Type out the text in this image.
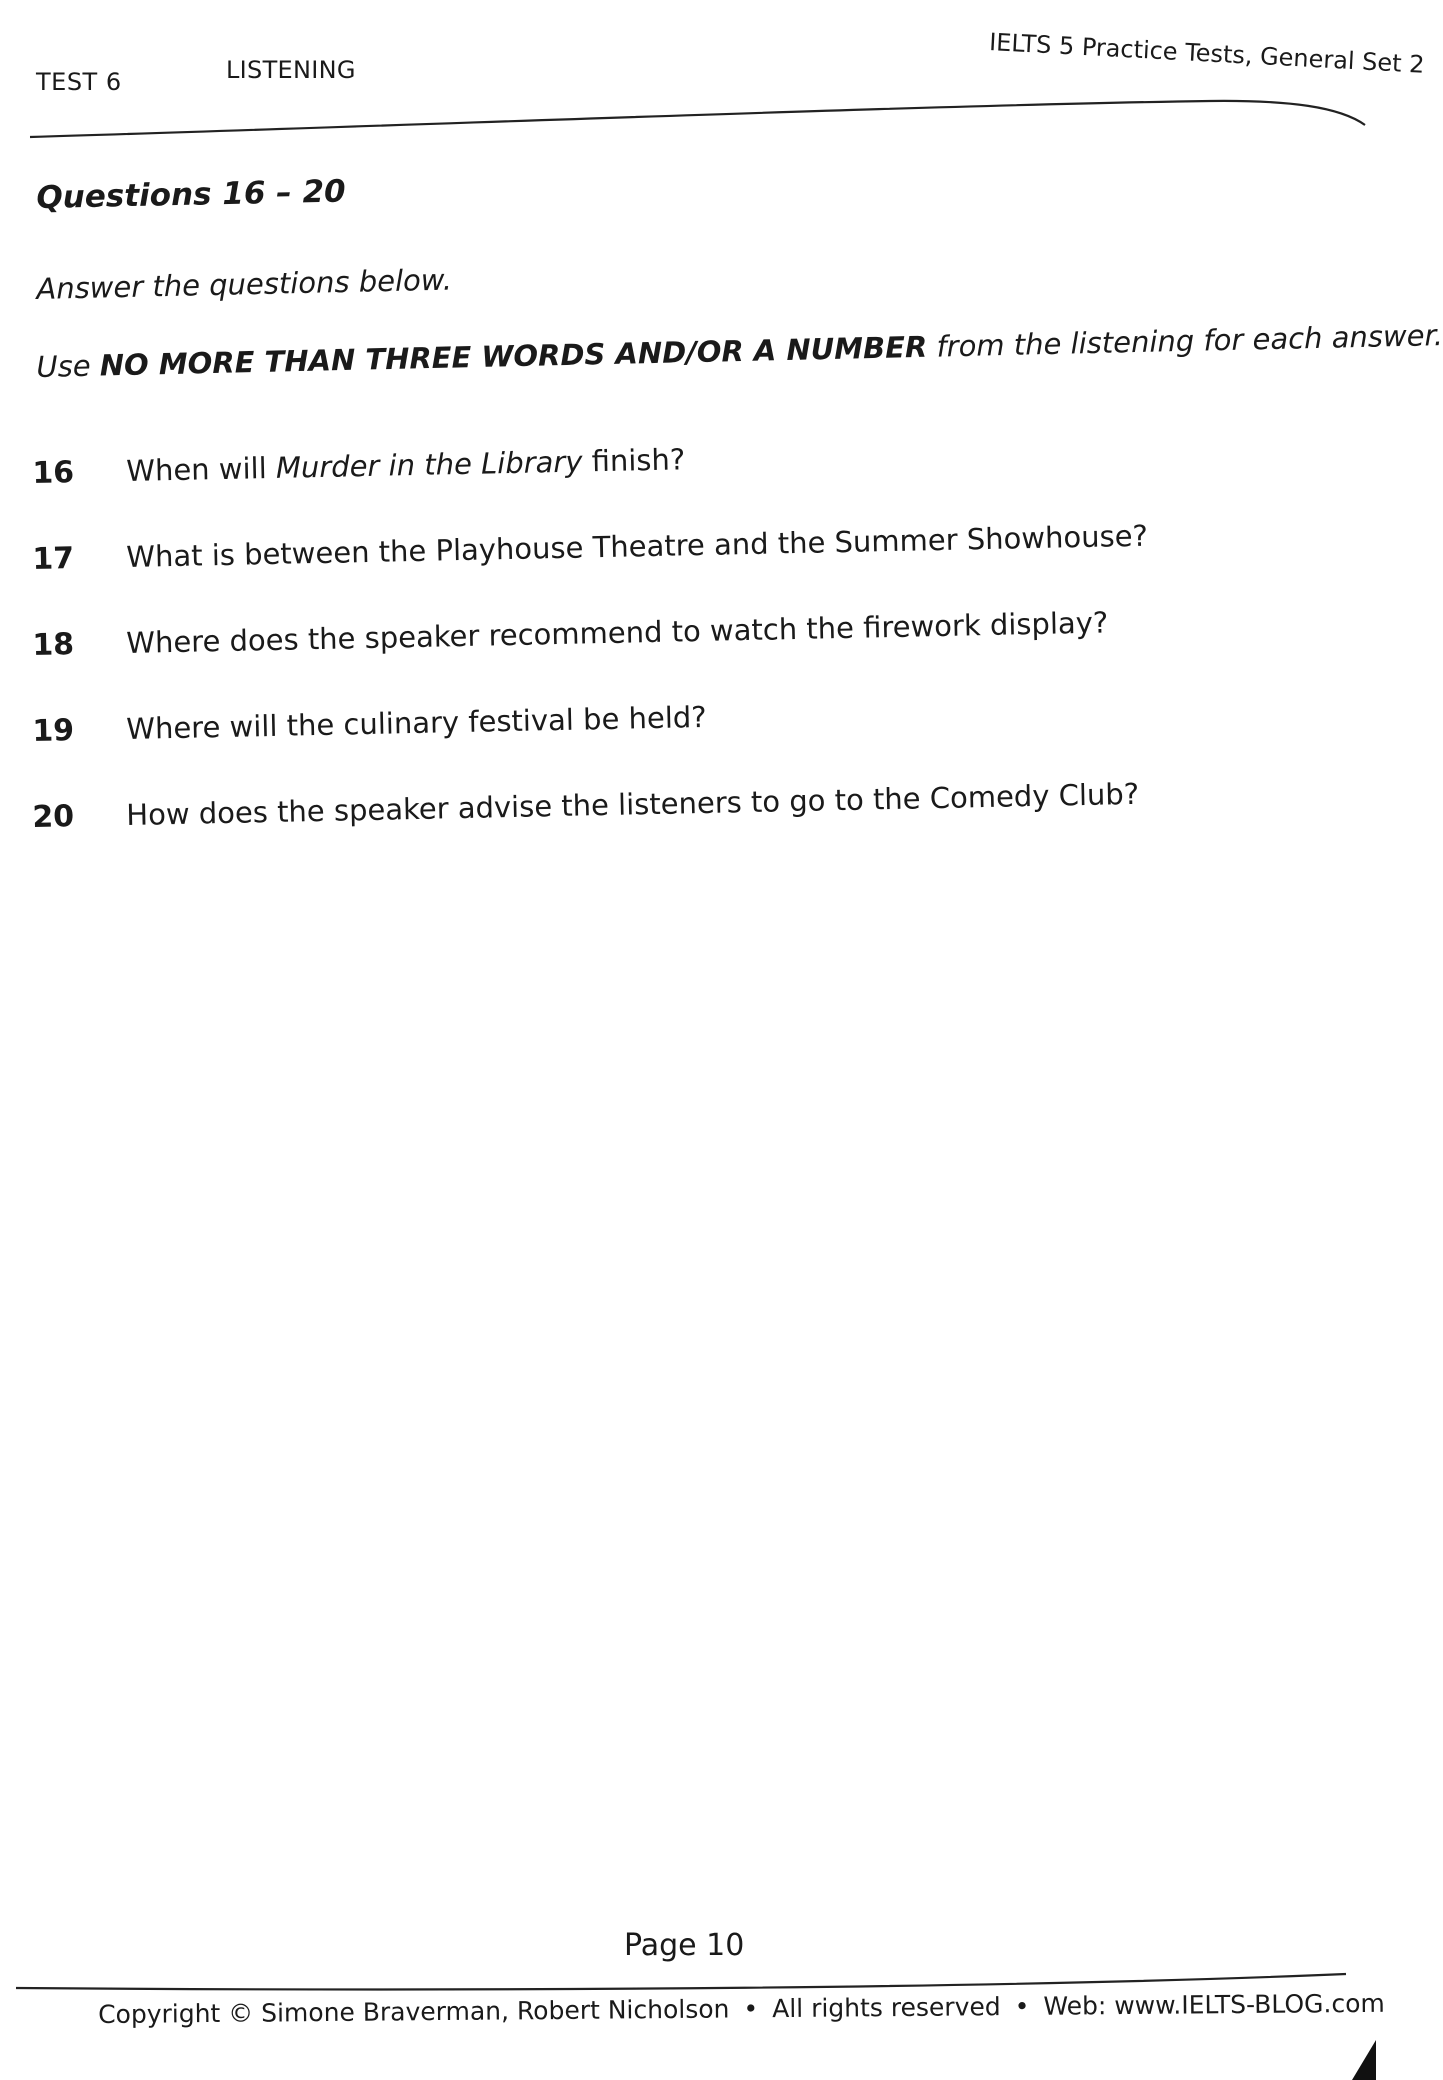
TEST 6	LISTENING	IELTS 5 Practice Tests, General Set 2
Questions 16 – 20
Answer the questions below.
Use NO MORE THAN THREE WORDS AND/OR A NUMBER from the listening for each answer.
16 When will Murder in the Library finish?
17 What is between the Playhouse Theatre and the Summer Showhouse?
18 Where does the speaker recommend to watch the firework display?
19 Where will the culinary festival be held?
20 How does the speaker advise the listeners to go to the Comedy Club?
Page 10
Copyright © Simone Braverman, Robert Nicholson • All rights reserved • Web: www.IELTS-BLOG.com
